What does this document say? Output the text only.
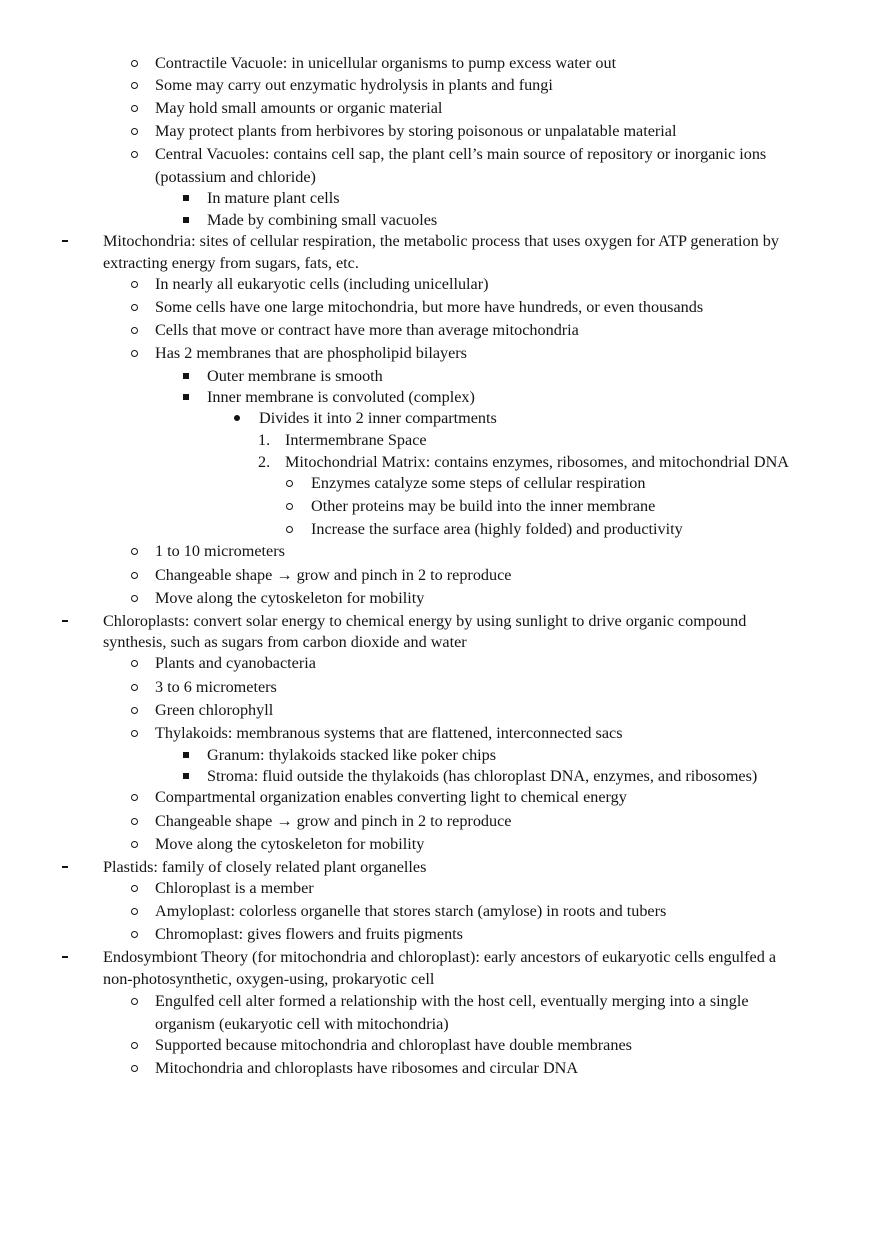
Contractile Vacuole: in unicellular organisms to pump excess water out
Some may carry out enzymatic hydrolysis in plants and fungi
May hold small amounts or organic material
May protect plants from herbivores by storing poisonous or unpalatable material
Central Vacuoles: contains cell sap, the plant cell’s main source of repository or inorganic ions
(potassium and chloride)
In mature plant cells
Made by combining small vacuoles
Mitochondria: sites of cellular respiration, the metabolic process that uses oxygen for ATP generation by
extracting energy from sugars, fats, etc.
In nearly all eukaryotic cells (including unicellular)
Some cells have one large mitochondria, but more have hundreds, or even thousands
Cells that move or contract have more than average mitochondria
Has 2 membranes that are phospholipid bilayers
Outer membrane is smooth
Inner membrane is convoluted (complex)
Divides it into 2 inner compartments
1. Intermembrane Space
2. Mitochondrial Matrix: contains enzymes, ribosomes, and mitochondrial DNA
Enzymes catalyze some steps of cellular respiration
Other proteins may be build into the inner membrane
Increase the surface area (highly folded) and productivity
1 to 10 micrometers
Changeable shape → grow and pinch in 2 to reproduce
Move along the cytoskeleton for mobility
Chloroplasts: convert solar energy to chemical energy by using sunlight to drive organic compound
synthesis, such as sugars from carbon dioxide and water
Plants and cyanobacteria
3 to 6 micrometers
Green chlorophyll
Thylakoids: membranous systems that are flattened, interconnected sacs
Granum: thylakoids stacked like poker chips
Stroma: fluid outside the thylakoids (has chloroplast DNA, enzymes, and ribosomes)
Compartmental organization enables converting light to chemical energy
Changeable shape → grow and pinch in 2 to reproduce
Move along the cytoskeleton for mobility
Plastids: family of closely related plant organelles
Chloroplast is a member
Amyloplast: colorless organelle that stores starch (amylose) in roots and tubers
Chromoplast: gives flowers and fruits pigments
Endosymbiont Theory (for mitochondria and chloroplast): early ancestors of eukaryotic cells engulfed a
non-photosynthetic, oxygen-using, prokaryotic cell
Engulfed cell alter formed a relationship with the host cell, eventually merging into a single
organism (eukaryotic cell with mitochondria)
Supported because mitochondria and chloroplast have double membranes
Mitochondria and chloroplasts have ribosomes and circular DNA
